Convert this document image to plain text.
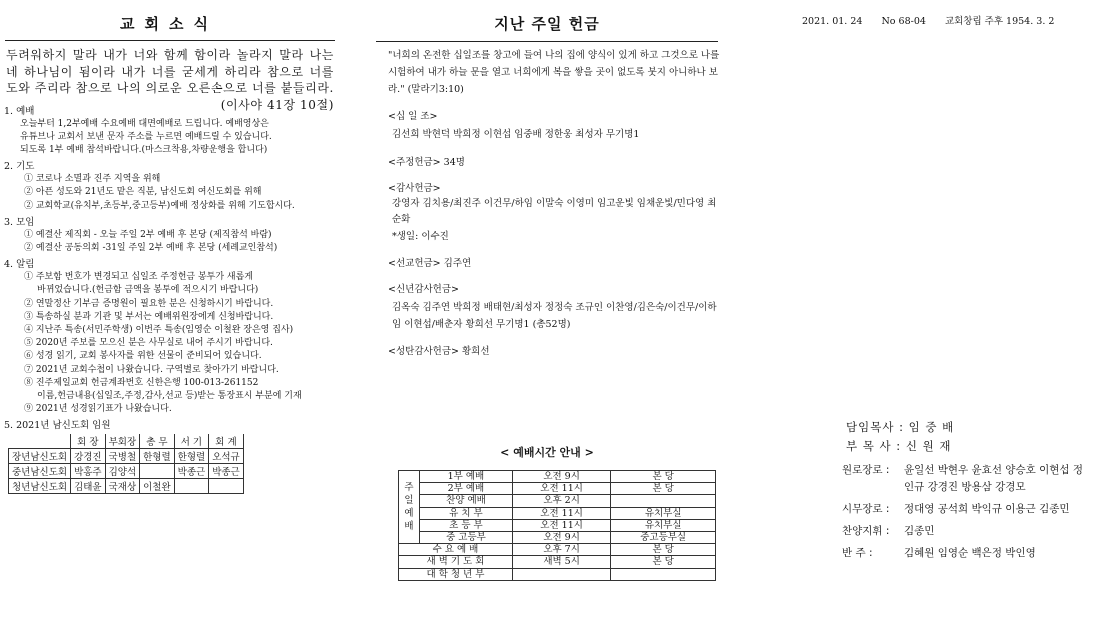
교회소식
두려워하지 말라 내가 너와 함께 함이라 놀라지 말라 나는 네 하나님이 됨이라 내가 너를 굳세게 하리라 참으로 너를 도와 주리라 참으로 나의 의로운 오른손으로 너를 붙들리라.
(이사야 41장 10절)
1. 예배
오늘부터 1,2부예배 수요예배 대면예배로 드립니다. 예배영상은
유튜브나 교회서 보낸 문자 주소를 누르면 예배드릴 수 있습니다.
되도록 1부 예배 참석바랍니다.(마스크착용,차량운행을 합니다)
2. 기도
① 코로나 소멸과 진주 지역을 위해
② 아픈 성도와 21년도 맡은 직분, 남신도회 여신도회를 위해
② 교회학교(유치부,초등부,중고등부)예배 정상화를 위해 기도합시다.
3. 모임
① 예결산 제직회 - 오늘 주일 2부 예배 후 본당 (제직참석 바람)
② 예결산 공동의회 -31일 주일 2부 예배 후 본당 (세례교인참석)
4. 알림
① 주보함 번호가 변경되고 십일조 주정헌금 봉투가 새롭게
바뀌었습니다.(헌금함 금액을 봉투에 적으시기 바랍니다)
② 연말정산 기부금 증명원이 필요한 분은 신청하시기 바랍니다.
③ 특송하실 분과 기관 및 부서는 예배위원장에게 신청바랍니다.
④ 지난주 특송(서민주학생) 이번주 특송(임영순 이철완 장은영 집사)
⑤ 2020년 주보를 모으신 분은 사무실로 내어 주시기 바랍니다.
⑥ 성경 읽기, 교회 봉사자를 위한 선물이 준비되어 있습니다.
⑦ 2021년 교회수첩이 나왔습니다. 구역별로 찾아가기 바랍니다.
⑧ 진주제일교회 헌금계좌번호 신한은행 100-013-261152
이름,헌금내용(십일조,주정,감사,선교 등)받는 통장표시 부분에 기재
⑨ 2021년 성경읽기표가 나왔습니다.
5. 2021년 남신도회 임원
	회 장	부회장	총 무	서 기	회 계
장년남신도회	강경진	국병철	한형렬	한형렬	오석규
중년남신도회	박홍주	김양석		박종근	박종근
청년남신도회	김태윤	국재상	이철완		
지난 주일 헌금
"너희의 온전한 십일조를 창고에 들여 나의 집에 양식이 있게 하고 그것으로 나를 시험하여 내가 하늘 문을 열고 너희에게 복을 쌓을 곳이 없도록 붓지 아니하나 보라." (말라기3:10)
<십 일 조>
김선희 박현덕 박희정 이현섭 임중배 정한웅 최성자 무기명1
<주정헌금> 34명
<감사헌금>
강영자 김치용/최진주 이건무/하임 이말숙 이영미 임고운빛 임채운빛/민다영 최순화
*생일: 이수진
<선교헌금> 김주연
<신년감사헌금>
김옥숙 김주연 박희정 배태현/최성자 정정숙 조규인 이찬영/김은숙/이건무/이하임 이현섭/배춘자 황희선 무기명1 (총52명)
<성탄감사헌금> 황희선
< 예배시간 안내 >
주
일
예
배	1부 예배	오전 9시	본 당
	2부 예배	오전 11시	본 당
	찬양 예배	오후 2시	
	유 치 부	오전 11시	유치부실
	초 등 부	오전 11시	유치부실
	중 고등부	오전 9시	중고등부실
수 요 예 배		오후 7시	본 당
새 벽 기 도 회		새벽 5시	본 당
대 학 청 년 부			
2021. 01. 24 No 68-04 교회창립 주후 1954. 3. 2
담임목사 : 임 중 배
부 목 사 : 신 원 재
원로장로 :	윤일선 박현우 윤효선 양승호 이현섭 정인규 강경진 방용삼 강경모
시무장로 :	정대영 공석희 박익규 이용근 김종민
찬양지휘 :	김종민
반 주 :	김혜원 임영순 백은정 박인영
